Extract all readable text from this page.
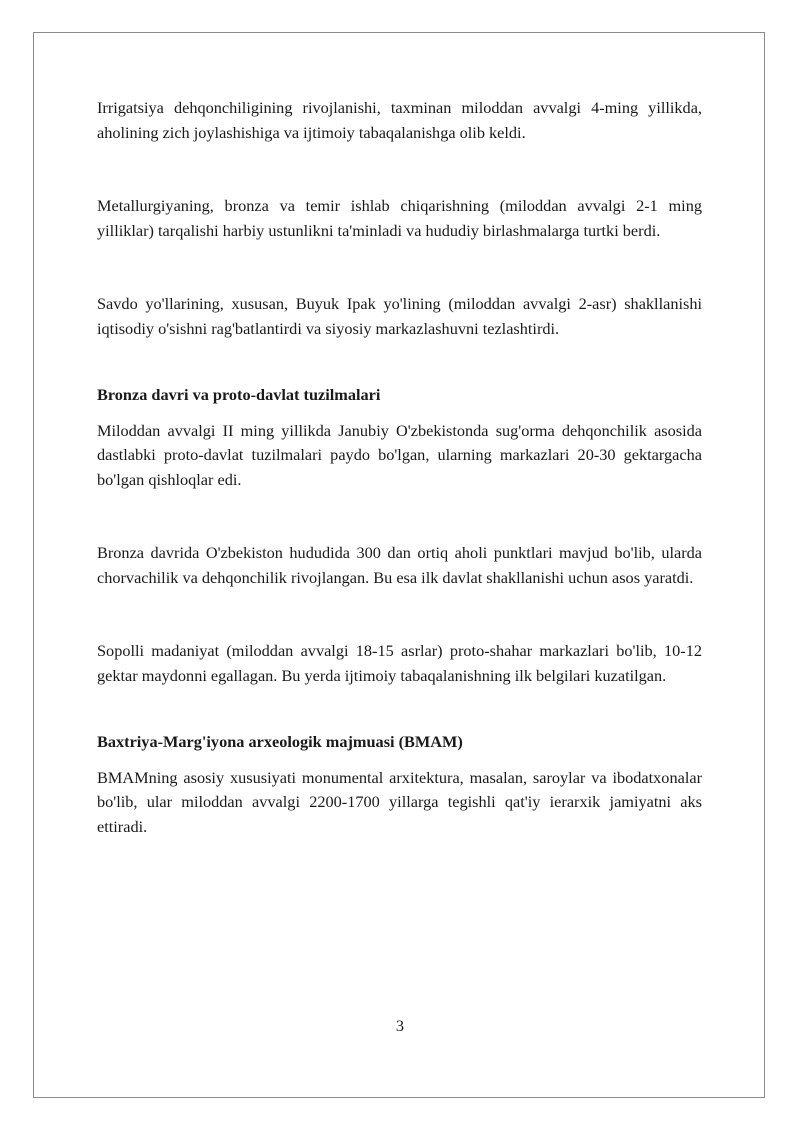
Irrigatsiya dehqonchiligining rivojlanishi, taxminan miloddan avvalgi 4-ming yillikda, aholining zich joylashishiga va ijtimoiy tabaqalanishga olib keldi.

Metallurgiyaning, bronza va temir ishlab chiqarishning (miloddan avvalgi 2-1 ming yilliklar) tarqalishi harbiy ustunlikni ta'minladi va hududiy birlashmalarga turtki berdi.

Savdo yo'llarining, xususan, Buyuk Ipak yo'lining (miloddan avvalgi 2-asr) shakllanishi iqtisodiy o'sishni rag'batlantirdi va siyosiy markazlashuvni tezlashtirdi.

Bronza davri va proto-davlat tuzilmalari

Miloddan avvalgi II ming yillikda Janubiy O'zbekistonda sug'orma dehqonchilik asosida dastlabki proto-davlat tuzilmalari paydo bo'lgan, ularning markazlari 20-30 gektargacha bo'lgan qishloqlar edi.

Bronza davrida O'zbekiston hududida 300 dan ortiq aholi punktlari mavjud bo'lib, ularda chorvachilik va dehqonchilik rivojlangan. Bu esa ilk davlat shakllanishi uchun asos yaratdi.

Sopolli madaniyat (miloddan avvalgi 18-15 asrlar) proto-shahar markazlari bo'lib, 10-12 gektar maydonni egallagan. Bu yerda ijtimoiy tabaqalanishning ilk belgilari kuzatilgan.

Baxtriya-Marg'iyona arxeologik majmuasi (BMAM)

BMAMning asosiy xususiyati monumental arxitektura, masalan, saroylar va ibodatxonalar bo'lib, ular miloddan avvalgi 2200-1700 yillarga tegishli qat'iy ierarxik jamiyatni aks ettiradi.

3
